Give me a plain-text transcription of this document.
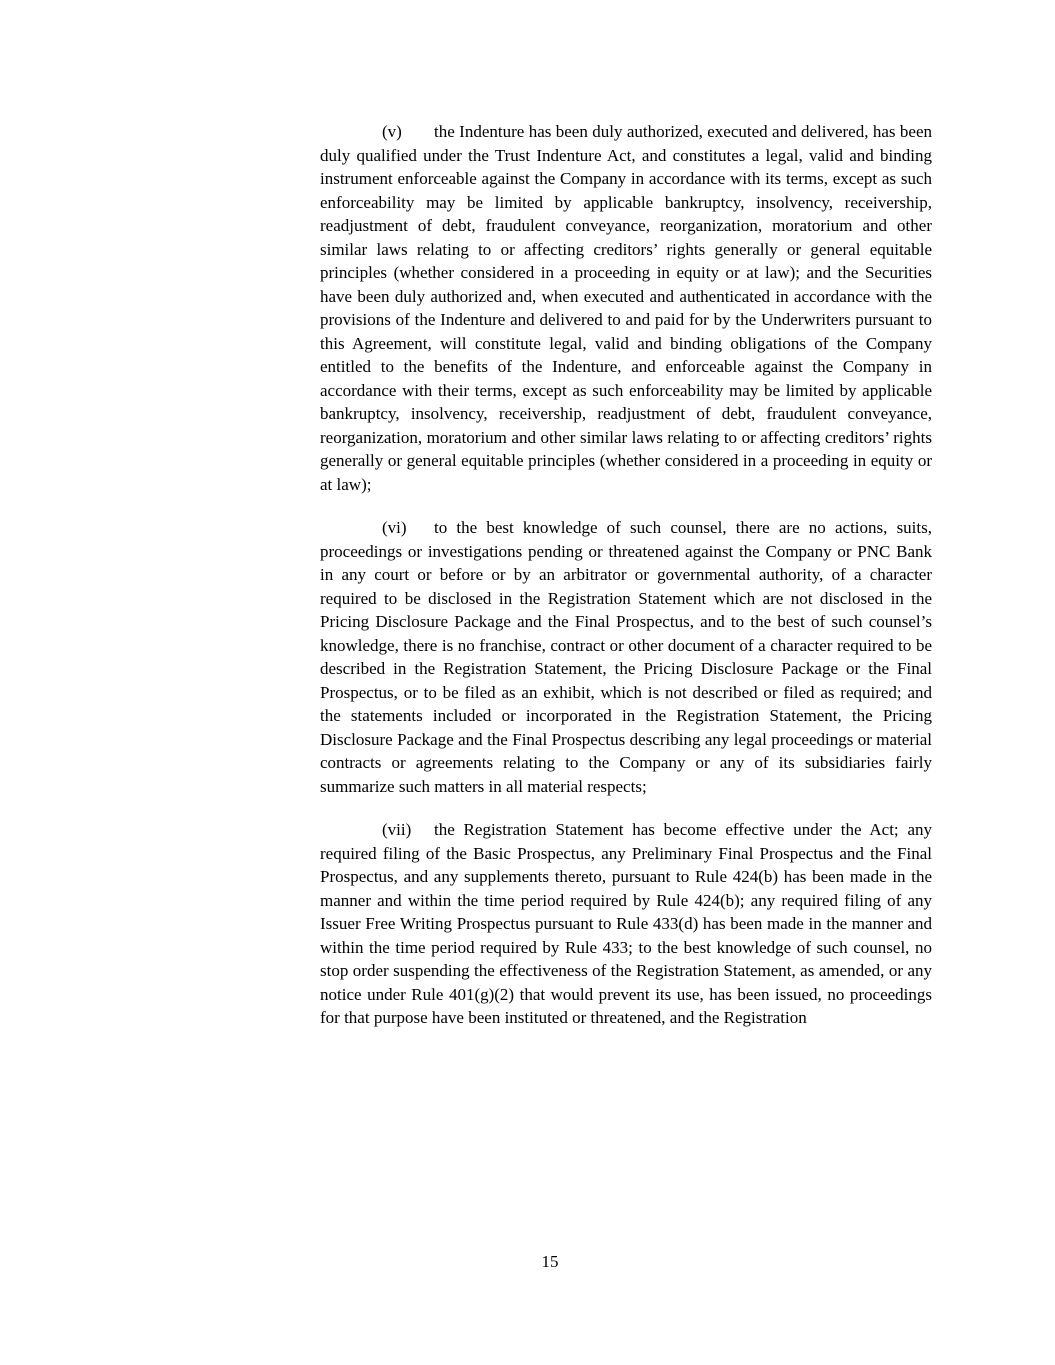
(v) the Indenture has been duly authorized, executed and delivered, has been duly qualified under the Trust Indenture Act, and constitutes a legal, valid and binding instrument enforceable against the Company in accordance with its terms, except as such enforceability may be limited by applicable bankruptcy, insolvency, receivership, readjustment of debt, fraudulent conveyance, reorganization, moratorium and other similar laws relating to or affecting creditors’ rights generally or general equitable principles (whether considered in a proceeding in equity or at law); and the Securities have been duly authorized and, when executed and authenticated in accordance with the provisions of the Indenture and delivered to and paid for by the Underwriters pursuant to this Agreement, will constitute legal, valid and binding obligations of the Company entitled to the benefits of the Indenture, and enforceable against the Company in accordance with their terms, except as such enforceability may be limited by applicable bankruptcy, insolvency, receivership, readjustment of debt, fraudulent conveyance, reorganization, moratorium and other similar laws relating to or affecting creditors’ rights generally or general equitable principles (whether considered in a proceeding in equity or at law);

(vi) to the best knowledge of such counsel, there are no actions, suits, proceedings or investigations pending or threatened against the Company or PNC Bank in any court or before or by an arbitrator or governmental authority, of a character required to be disclosed in the Registration Statement which are not disclosed in the Pricing Disclosure Package and the Final Prospectus, and to the best of such counsel’s knowledge, there is no franchise, contract or other document of a character required to be described in the Registration Statement, the Pricing Disclosure Package or the Final Prospectus, or to be filed as an exhibit, which is not described or filed as required; and the statements included or incorporated in the Registration Statement, the Pricing Disclosure Package and the Final Prospectus describing any legal proceedings or material contracts or agreements relating to the Company or any of its subsidiaries fairly summarize such matters in all material respects;

(vii) the Registration Statement has become effective under the Act; any required filing of the Basic Prospectus, any Preliminary Final Prospectus and the Final Prospectus, and any supplements thereto, pursuant to Rule 424(b) has been made in the manner and within the time period required by Rule 424(b); any required filing of any Issuer Free Writing Prospectus pursuant to Rule 433(d) has been made in the manner and within the time period required by Rule 433; to the best knowledge of such counsel, no stop order suspending the effectiveness of the Registration Statement, as amended, or any notice under Rule 401(g)(2) that would prevent its use, has been issued, no proceedings for that purpose have been instituted or threatened, and the Registration

15
